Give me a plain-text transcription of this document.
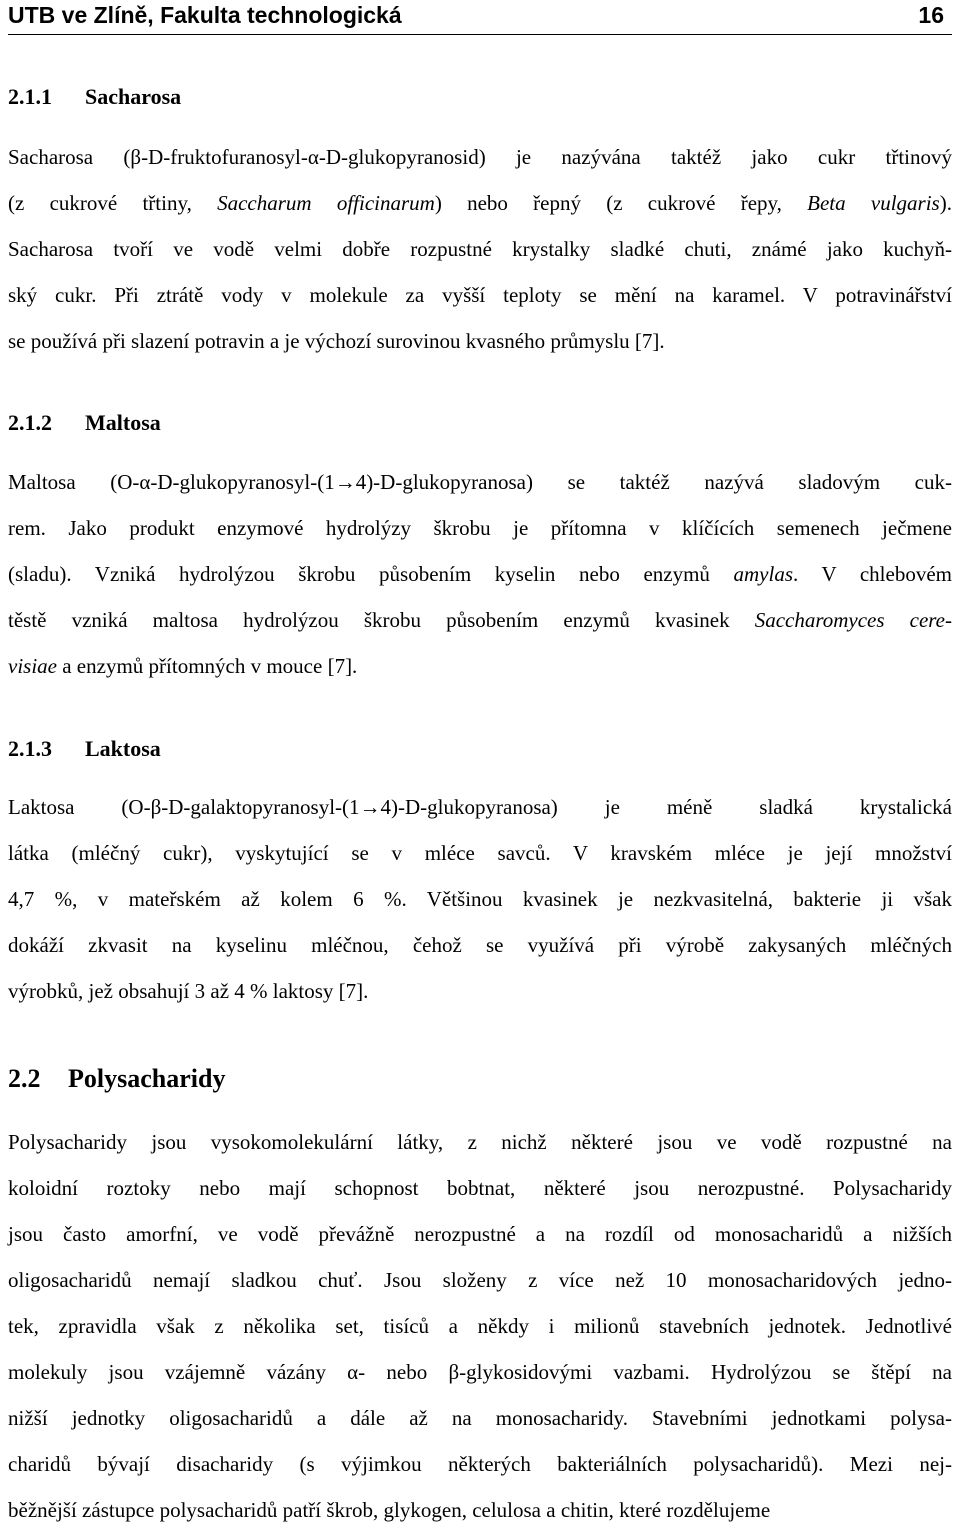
UTB ve Zlíně, Fakulta technologická	16
2.1.1 Sacharosa
Sacharosa (β-D-fruktofuranosyl-α-D-glukopyranosid) je nazývána taktéž jako cukr třtinový
(z cukrové třtiny, Saccharum officinarum) nebo řepný (z cukrové řepy, Beta vulgaris).
Sacharosa tvoří ve vodě velmi dobře rozpustné krystalky sladké chuti, známé jako kuchyň-
ský cukr. Při ztrátě vody v molekule za vyšší teploty se mění na karamel. V potravinářství
se používá při slazení potravin a je výchozí surovinou kvasného průmyslu [7].
2.1.2 Maltosa
Maltosa (O-α-D-glukopyranosyl-(1→4)-D-glukopyranosa) se taktéž nazývá sladovým cuk-
rem. Jako produkt enzymové hydrolýzy škrobu je přítomna v klíčících semenech ječmene
(sladu). Vzniká hydrolýzou škrobu působením kyselin nebo enzymů amylas. V chlebovém
těstě vzniká maltosa hydrolýzou škrobu působením enzymů kvasinek Saccharomyces cere-
visiae a enzymů přítomných v mouce [7].
2.1.3 Laktosa
Laktosa (O-β-D-galaktopyranosyl-(1→4)-D-glukopyranosa) je méně sladká krystalická
látka (mléčný cukr), vyskytující se v mléce savců. V kravském mléce je její množství
4,7 %, v mateřském až kolem 6 %. Většinou kvasinek je nezkvasitelná, bakterie ji však
dokáží zkvasit na kyselinu mléčnou, čehož se využívá při výrobě zakysaných mléčných
výrobků, jež obsahují 3 až 4 % laktosy [7].
2.2 Polysacharidy
Polysacharidy jsou vysokomolekulární látky, z nichž některé jsou ve vodě rozpustné na
koloidní roztoky nebo mají schopnost bobtnat, některé jsou nerozpustné. Polysacharidy
jsou často amorfní, ve vodě převážně nerozpustné a na rozdíl od monosacharidů a nižších
oligosacharidů nemají sladkou chuť. Jsou složeny z více než 10 monosacharidových jedno-
tek, zpravidla však z několika set, tisíců a někdy i milionů stavebních jednotek. Jednotlivé
molekuly jsou vzájemně vázány α- nebo β-glykosidovými vazbami. Hydrolýzou se štěpí na
nižší jednotky oligosacharidů a dále až na monosacharidy. Stavebními jednotkami polysa-
charidů bývají disacharidy (s výjimkou některých bakteriálních polysacharidů). Mezi nej-
běžnější zástupce polysacharidů patří škrob, glykogen, celulosa a chitin, které rozdělujeme
